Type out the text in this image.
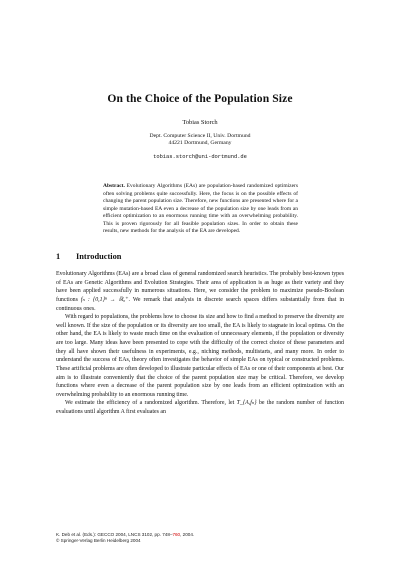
On the Choice of the Population Size
Tobias Storch
Dept. Computer Science II, Univ. Dortmund
44221 Dortmund, Germany
tobias.storch@uni-dortmund.de
Abstract. Evolutionary Algorithms (EAs) are population-based randomized optimizers often solving problems quite successfully. Here, the focus is on the possible effects of changing the parent population size. Therefore, new functions are presented where for a simple mutation-based EA even a decrease of the population size by one leads from an efficient optimization to an enormous running time with an overwhelming probability. This is proven rigorously for all feasible population sizes. In order to obtain these results, new methods for the analysis of the EA are developed.
1 Introduction

Evolutionary Algorithms (EAs) are a broad class of general randomized search heuristics. The probably best-known types of EAs are Genetic Algorithms and Evolution Strategies. Their area of application is as huge as their variety and they have been applied successfully in numerous situations. Here, we consider the problem to maximize pseudo-Boolean functions fₙ : {0,1}ⁿ → ℝ₀⁺. We remark that analysis in discrete search spaces differs substantially from that in continuous ones.

With regard to populations, the problems how to choose its size and how to find a method to preserve the diversity are well known. If the size of the population or its diversity are too small, the EA is likely to stagnate in local optima. On the other hand, the EA is likely to waste much time on the evaluation of unnecessary elements, if the population or diversity are too large. Many ideas have been presented to cope with the difficulty of the correct choice of these parameters and they all have shown their usefulness in experiments, e.g., niching methods, multistarts, and many more. In order to understand the success of EAs, theory often investigates the behavior of simple EAs on typical or constructed problems. These artificial problems are often developed to illustrate particular effects of EAs or one of their components at best. Our aim is to illustrate conveniently that the choice of the parent population size may be critical. Therefore, we develop functions where even a decrease of the parent population size by one leads from an efficient optimization with an overwhelming probability to an enormous running time.

We estimate the efficiency of a randomized algorithm. Therefore, let T_{A,fₙ} be the random number of function evaluations until algorithm A first evaluates an

K. Deb et al. (Eds.): GECCO 2004, LNCS 3102, pp. 748–760, 2004.
© Springer-Verlag Berlin Heidelberg 2004
